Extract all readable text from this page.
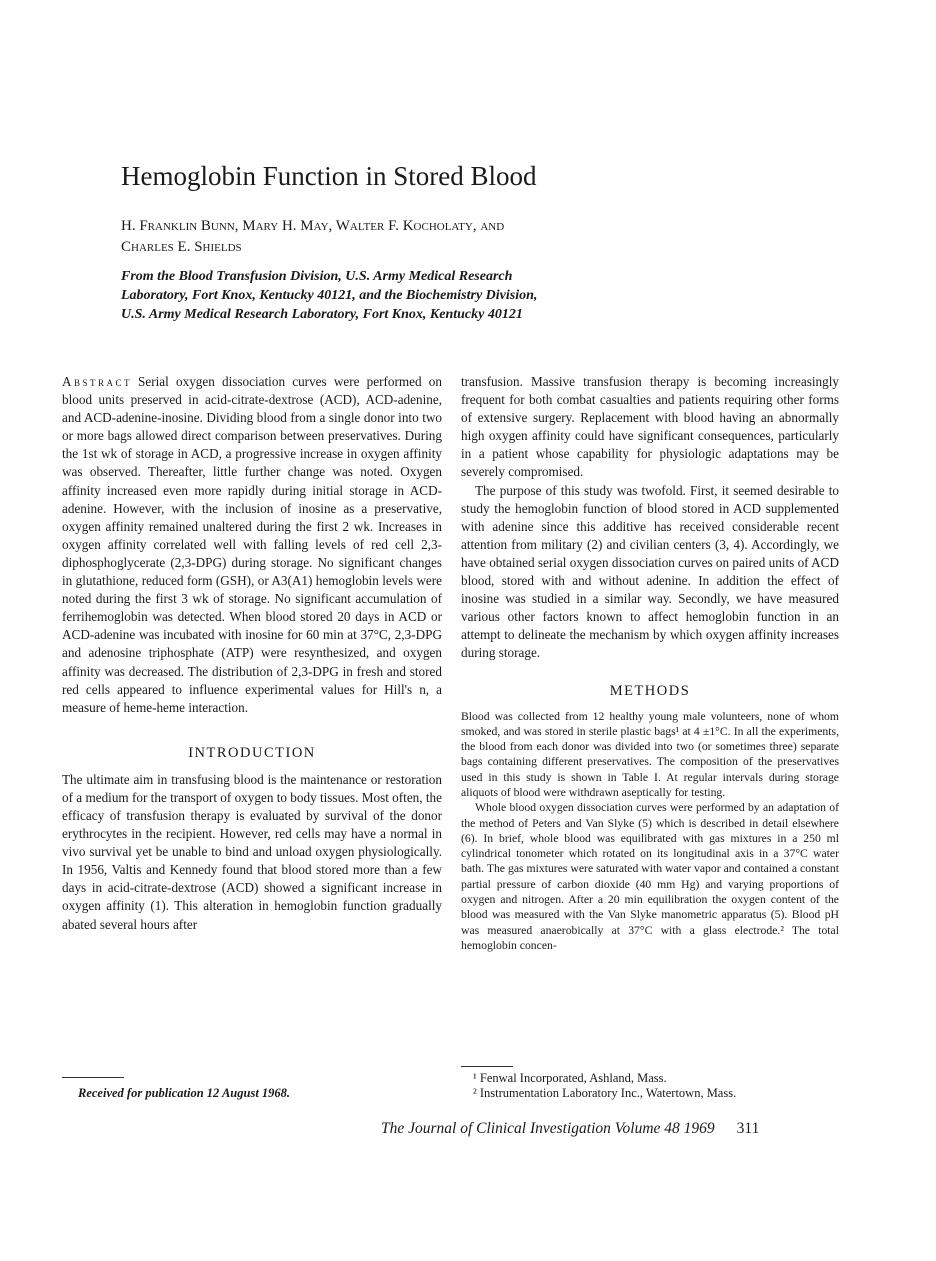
Hemoglobin Function in Stored Blood
H. Franklin Bunn, Mary H. May, Walter F. Kocholaty, and
Charles E. Shields
From the Blood Transfusion Division, U.S. Army Medical Research
Laboratory, Fort Knox, Kentucky 40121, and the Biochemistry Division,
U.S. Army Medical Research Laboratory, Fort Knox, Kentucky 40121

Abstract Serial oxygen dissociation curves were performed on blood units preserved in acid-citrate-dextrose (ACD), ACD-adenine, and ACD-adenine-inosine. Dividing blood from a single donor into two or more bags allowed direct comparison between preservatives. During the 1st wk of storage in ACD, a progressive increase in oxygen affinity was observed. Thereafter, little further change was noted. Oxygen affinity increased even more rapidly during initial storage in ACD-adenine. However, with the inclusion of inosine as a preservative, oxygen affinity remained unaltered during the first 2 wk. Increases in oxygen affinity correlated well with falling levels of red cell 2,3-diphosphoglycerate (2,3-DPG) during storage. No significant changes in glutathione, reduced form (GSH), or A3(A1) hemoglobin levels were noted during the first 3 wk of storage. No significant accumulation of ferrihemoglobin was detected. When blood stored 20 days in ACD or ACD-adenine was incubated with inosine for 60 min at 37°C, 2,3-DPG and adenosine triphosphate (ATP) were resynthesized, and oxygen affinity was decreased. The distribution of 2,3-DPG in fresh and stored red cells appeared to influence experimental values for Hill's n, a measure of heme-heme interaction.

INTRODUCTION

The ultimate aim in transfusing blood is the maintenance or restoration of a medium for the transport of oxygen to body tissues. Most often, the efficacy of transfusion therapy is evaluated by survival of the donor erythrocytes in the recipient. However, red cells may have a normal in vivo survival yet be unable to bind and unload oxygen physiologically. In 1956, Valtis and Kennedy found that blood stored more than a few days in acid-citrate-dextrose (ACD) showed a significant increase in oxygen affinity (1). This alteration in hemoglobin function gradually abated several hours after

transfusion. Massive transfusion therapy is becoming increasingly frequent for both combat casualties and patients requiring other forms of extensive surgery. Replacement with blood having an abnormally high oxygen affinity could have significant consequences, particularly in a patient whose capability for physiologic adaptations may be severely compromised.

The purpose of this study was twofold. First, it seemed desirable to study the hemoglobin function of blood stored in ACD supplemented with adenine since this additive has received considerable recent attention from military (2) and civilian centers (3, 4). Accordingly, we have obtained serial oxygen dissociation curves on paired units of ACD blood, stored with and without adenine. In addition the effect of inosine was studied in a similar way. Secondly, we have measured various other factors known to affect hemoglobin function in an attempt to delineate the mechanism by which oxygen affinity increases during storage.

METHODS

Blood was collected from 12 healthy young male volunteers, none of whom smoked, and was stored in sterile plastic bags¹ at 4 ±1°C. In all the experiments, the blood from each donor was divided into two (or sometimes three) separate bags containing different preservatives. The composition of the preservatives used in this study is shown in Table I. At regular intervals during storage aliquots of blood were withdrawn aseptically for testing.

Whole blood oxygen dissociation curves were performed by an adaptation of the method of Peters and Van Slyke (5) which is described in detail elsewhere (6). In brief, whole blood was equilibrated with gas mixtures in a 250 ml cylindrical tonometer which rotated on its longitudinal axis in a 37°C water bath. The gas mixtures were saturated with water vapor and contained a constant partial pressure of carbon dioxide (40 mm Hg) and varying proportions of oxygen and nitrogen. After a 20 min equilibration the oxygen content of the blood was measured with the Van Slyke manometric apparatus (5). Blood pH was measured anaerobically at 37°C with a glass electrode.² The total hemoglobin concen-

Received for publication 12 August 1968.
¹ Fenwal Incorporated, Ashland, Mass.
² Instrumentation Laboratory Inc., Watertown, Mass.
The Journal of Clinical Investigation Volume 48 1969 311
